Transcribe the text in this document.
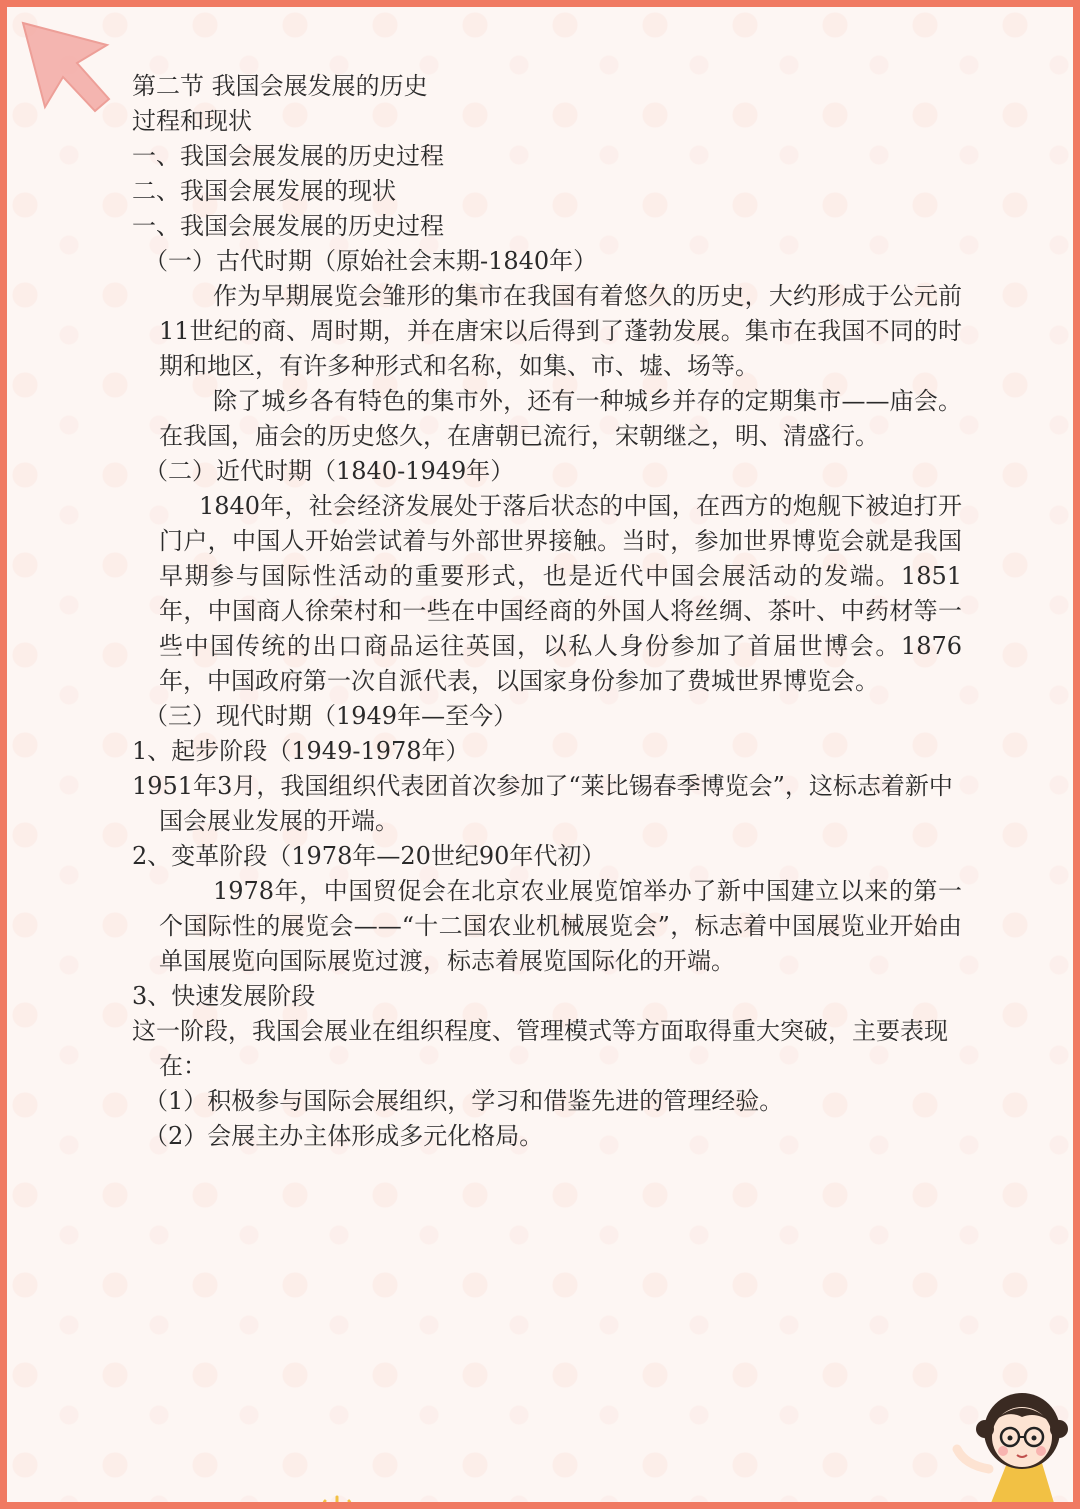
第二节 我国会展发展的历史
过程和现状
一、我国会展发展的历史过程
二、我国会展发展的现状
一、我国会展发展的历史过程
（一）古代时期（原始社会末期-1840年）
作为早期展览会雏形的集市在我国有着悠久的历史，大约形成于公元前11世纪的商、周时期，并在唐宋以后得到了蓬勃发展。集市在我国不同的时期和地区，有许多种形式和名称，如集、市、墟、场等。
除了城乡各有特色的集市外，还有一种城乡并存的定期集市——庙会。在我国，庙会的历史悠久，在唐朝已流行，宋朝继之，明、清盛行。
（二）近代时期（1840-1949年）
1840年，社会经济发展处于落后状态的中国，在西方的炮舰下被迫打开门户，中国人开始尝试着与外部世界接触。当时，参加世界博览会就是我国早期参与国际性活动的重要形式，也是近代中国会展活动的发端。1851年，中国商人徐荣村和一些在中国经商的外国人将丝绸、茶叶、中药材等一些中国传统的出口商品运往英国，以私人身份参加了首届世博会。1876年，中国政府第一次自派代表，以国家身份参加了费城世界博览会。
（三）现代时期（1949年—至今）
1、起步阶段（1949-1978年）
1951年3月，我国组织代表团首次参加了“莱比锡春季博览会”，这标志着新中国会展业发展的开端。
2、变革阶段（1978年—20世纪90年代初）
1978年，中国贸促会在北京农业展览馆举办了新中国建立以来的第一个国际性的展览会——“十二国农业机械展览会”，标志着中国展览业开始由单国展览向国际展览过渡，标志着展览国际化的开端。
3、快速发展阶段
这一阶段，我国会展业在组织程度、管理模式等方面取得重大突破，主要表现在：
（1）积极参与国际会展组织，学习和借鉴先进的管理经验。
（2）会展主办主体形成多元化格局。
